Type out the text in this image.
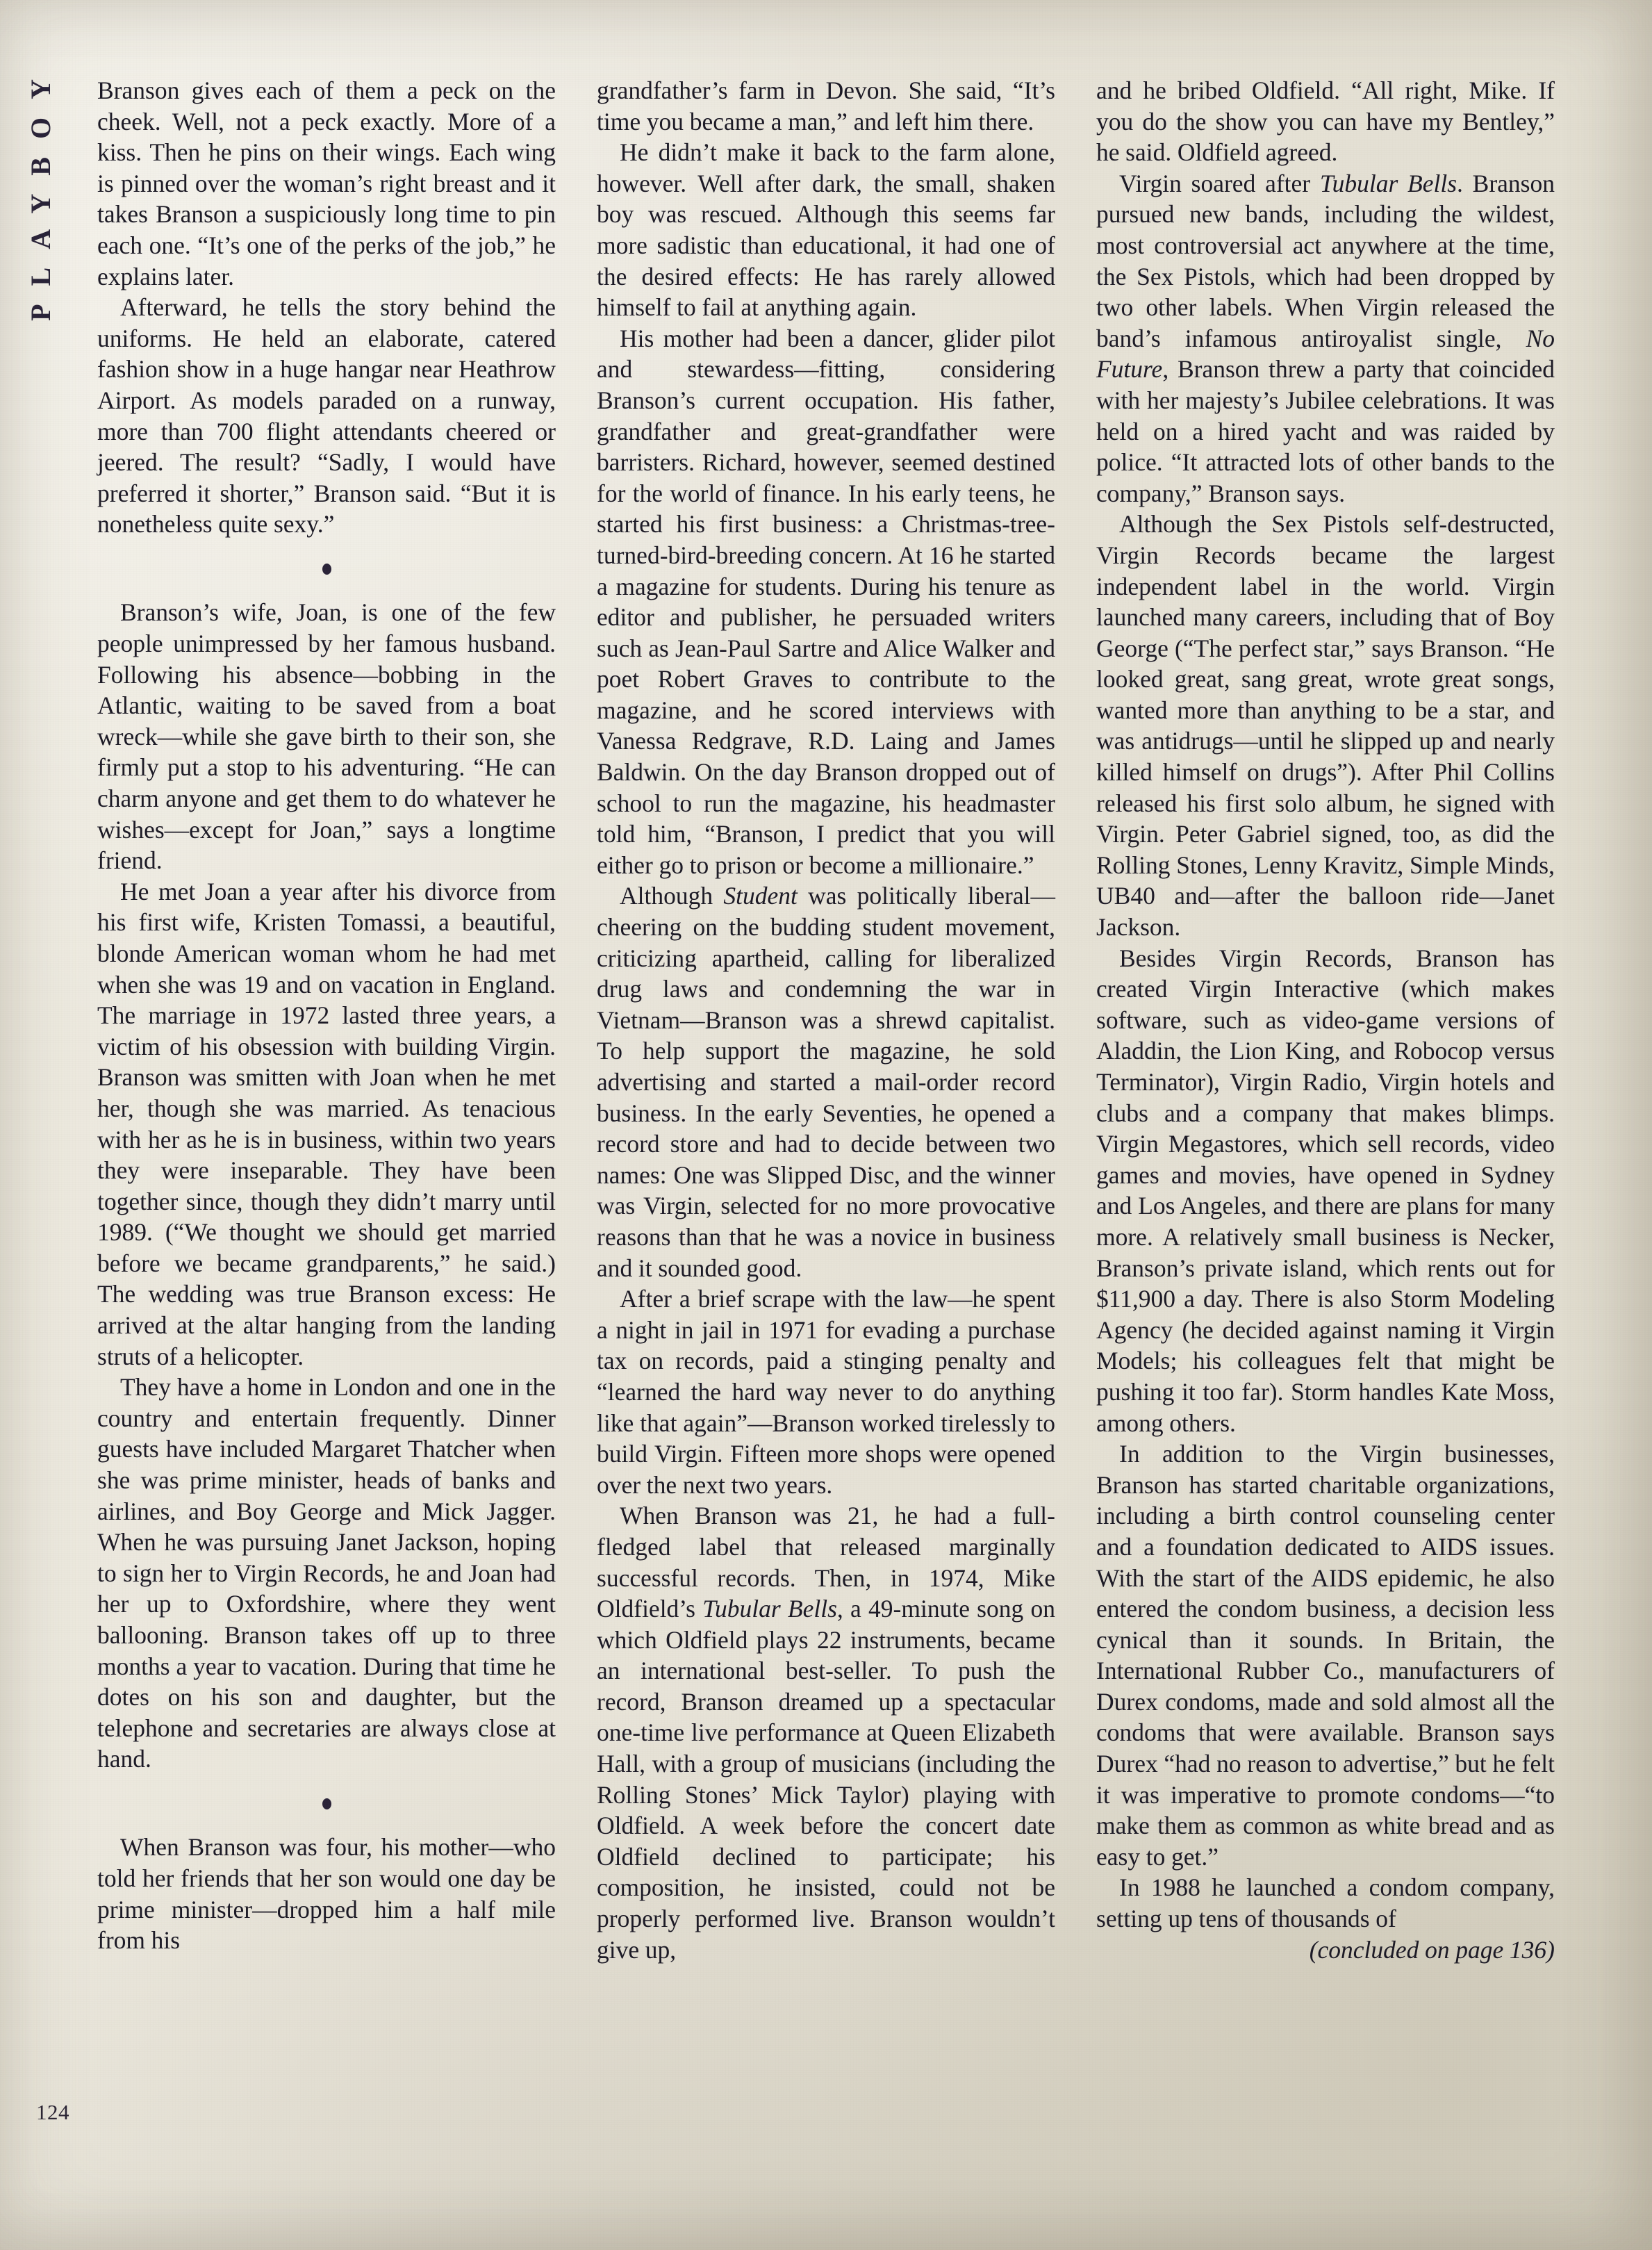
PLAYBOY
124

Branson gives each of them a peck on the cheek. Well, not a peck exactly. More of a kiss. Then he pins on their wings. Each wing is pinned over the woman’s right breast and it takes Branson a suspiciously long time to pin each one. “It’s one of the perks of the job,” he explains later.

Afterward, he tells the story behind the uniforms. He held an elaborate, catered fashion show in a huge hangar near Heathrow Airport. As models paraded on a runway, more than 700 flight attendants cheered or jeered. The result? “Sadly, I would have preferred it shorter,” Branson said. “But it is nonetheless quite sexy.”

Branson’s wife, Joan, is one of the few people unimpressed by her famous husband. Following his absence—bobbing in the Atlantic, waiting to be saved from a boat wreck—while she gave birth to their son, she firmly put a stop to his adventuring. “He can charm anyone and get them to do whatever he wishes—except for Joan,” says a longtime friend.

He met Joan a year after his divorce from his first wife, Kristen Tomassi, a beautiful, blonde American woman whom he had met when she was 19 and on vacation in England. The marriage in 1972 lasted three years, a victim of his obsession with building Virgin. Branson was smitten with Joan when he met her, though she was married. As tenacious with her as he is in business, within two years they were inseparable. They have been together since, though they didn’t marry until 1989. (“We thought we should get married before we became grandparents,” he said.) The wedding was true Branson excess: He arrived at the altar hanging from the landing struts of a helicopter.

They have a home in London and one in the country and entertain frequently. Dinner guests have included Margaret Thatcher when she was prime minister, heads of banks and airlines, and Boy George and Mick Jagger. When he was pursuing Janet Jackson, hoping to sign her to Virgin Records, he and Joan had her up to Oxfordshire, where they went ballooning. Branson takes off up to three months a year to vacation. During that time he dotes on his son and daughter, but the telephone and secretaries are always close at hand.

When Branson was four, his mother—who told her friends that her son would one day be prime minister—dropped him a half mile from his

grandfather’s farm in Devon. She said, “It’s time you became a man,” and left him there.

He didn’t make it back to the farm alone, however. Well after dark, the small, shaken boy was rescued. Although this seems far more sadistic than educational, it had one of the desired effects: He has rarely allowed himself to fail at anything again.

His mother had been a dancer, glider pilot and stewardess—fitting, considering Branson’s current occupation. His father, grandfather and great-grandfather were barristers. Richard, however, seemed destined for the world of finance. In his early teens, he started his first business: a Christmas-tree-turned-bird-breeding concern. At 16 he started a magazine for students. During his tenure as editor and publisher, he persuaded writers such as Jean-Paul Sartre and Alice Walker and poet Robert Graves to contribute to the magazine, and he scored interviews with Vanessa Redgrave, R.D. Laing and James Baldwin. On the day Branson dropped out of school to run the magazine, his headmaster told him, “Branson, I predict that you will either go to prison or become a millionaire.”

Although Student was politically liberal—cheering on the budding student movement, criticizing apartheid, calling for liberalized drug laws and condemning the war in Vietnam—Branson was a shrewd capitalist. To help support the magazine, he sold advertising and started a mail-order record business. In the early Seventies, he opened a record store and had to decide between two names: One was Slipped Disc, and the winner was Virgin, selected for no more provocative reasons than that he was a novice in business and it sounded good.

After a brief scrape with the law—he spent a night in jail in 1971 for evading a purchase tax on records, paid a stinging penalty and “learned the hard way never to do anything like that again”—Branson worked tirelessly to build Virgin. Fifteen more shops were opened over the next two years.

When Branson was 21, he had a full-fledged label that released marginally successful records. Then, in 1974, Mike Oldfield’s Tubular Bells, a 49-minute song on which Oldfield plays 22 instruments, became an international best-seller. To push the record, Branson dreamed up a spectacular one-time live performance at Queen Elizabeth Hall, with a group of musicians (including the Rolling Stones’ Mick Taylor) playing with Oldfield. A week before the concert date Oldfield declined to participate; his composition, he insisted, could not be properly performed live. Branson wouldn’t give up,

and he bribed Oldfield. “All right, Mike. If you do the show you can have my Bentley,” he said. Oldfield agreed.

Virgin soared after Tubular Bells. Branson pursued new bands, including the wildest, most controversial act anywhere at the time, the Sex Pistols, which had been dropped by two other labels. When Virgin released the band’s infamous antiroyalist single, No Future, Branson threw a party that coincided with her majesty’s Jubilee celebrations. It was held on a hired yacht and was raided by police. “It attracted lots of other bands to the company,” Branson says.

Although the Sex Pistols self-destructed, Virgin Records became the largest independent label in the world. Virgin launched many careers, including that of Boy George (“The perfect star,” says Branson. “He looked great, sang great, wrote great songs, wanted more than anything to be a star, and was antidrugs—until he slipped up and nearly killed himself on drugs”). After Phil Collins released his first solo album, he signed with Virgin. Peter Gabriel signed, too, as did the Rolling Stones, Lenny Kravitz, Simple Minds, UB40 and—after the balloon ride—Janet Jackson.

Besides Virgin Records, Branson has created Virgin Interactive (which makes software, such as video-game versions of Aladdin, the Lion King, and Robocop versus Terminator), Virgin Radio, Virgin hotels and clubs and a company that makes blimps. Virgin Megastores, which sell records, video games and movies, have opened in Sydney and Los Angeles, and there are plans for many more. A relatively small business is Necker, Branson’s private island, which rents out for $11,900 a day. There is also Storm Modeling Agency (he decided against naming it Virgin Models; his colleagues felt that might be pushing it too far). Storm handles Kate Moss, among others.

In addition to the Virgin businesses, Branson has started charitable organizations, including a birth control counseling center and a foundation dedicated to AIDS issues. With the start of the AIDS epidemic, he also entered the condom business, a decision less cynical than it sounds. In Britain, the International Rubber Co., manufacturers of Durex condoms, made and sold almost all the condoms that were available. Branson says Durex “had no reason to advertise,” but he felt it was imperative to promote condoms—“to make them as common as white bread and as easy to get.”

In 1988 he launched a condom company, setting up tens of thousands of

(concluded on page 136)
